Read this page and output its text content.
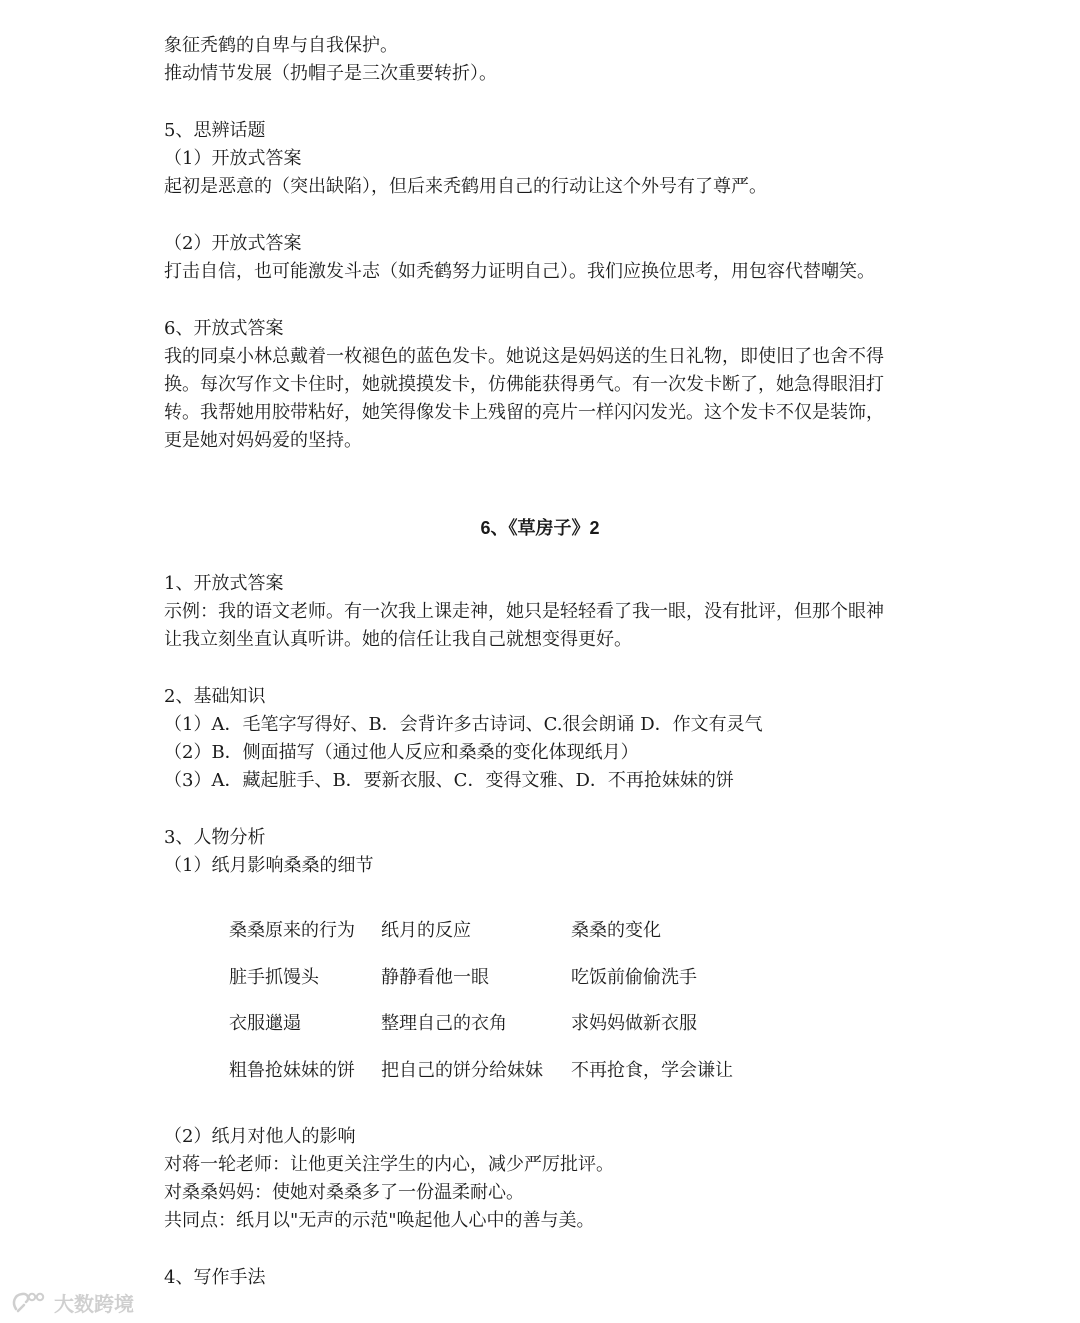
象征秃鹤的自卑与自我保护。
推动情节发展（扔帽子是三次重要转折）。
5、思辨话题
（1）开放式答案
起初是恶意的（突出缺陷），但后来秃鹤用自己的行动让这个外号有了尊严。
（2）开放式答案
打击自信，也可能激发斗志（如秃鹤努力证明自己）。我们应换位思考，用包容代替嘲笑。
6、开放式答案
我的同桌小林总戴着一枚褪色的蓝色发卡。她说这是妈妈送的生日礼物，即使旧了也舍不得
换。每次写作文卡住时，她就摸摸发卡，仿佛能获得勇气。有一次发卡断了，她急得眼泪打
转。我帮她用胶带粘好，她笑得像发卡上残留的亮片一样闪闪发光。这个发卡不仅是装饰，
更是她对妈妈爱的坚持。
6、《草房子》2
1、开放式答案
示例：我的语文老师。有一次我上课走神，她只是轻轻看了我一眼，没有批评，但那个眼神
让我立刻坐直认真听讲。她的信任让我自己就想变得更好。
2、基础知识
（1）A．毛笔字写得好、B．会背许多古诗词、C.很会朗诵 D．作文有灵气
（2）B．侧面描写（通过他人反应和桑桑的变化体现纸月）
（3）A．藏起脏手、B．要新衣服、C．变得文雅、D．不再抢妹妹的饼
3、人物分析
（1）纸月影响桑桑的细节
桑桑原来的行为 纸月的反应	桑桑的变化
脏手抓馒头	静静看他一眼	吃饭前偷偷洗手
衣服邋遢	整理自己的衣角	求妈妈做新衣服
粗鲁抢妹妹的饼 把自己的饼分给妹妹 不再抢食，学会谦让
（2）纸月对他人的影响
对蒋一轮老师：让他更关注学生的内心，减少严厉批评。
对桑桑妈妈：使她对桑桑多了一份温柔耐心。
共同点：纸月以"无声的示范"唤起他人心中的善与美。
4、写作手法
大数跨境
